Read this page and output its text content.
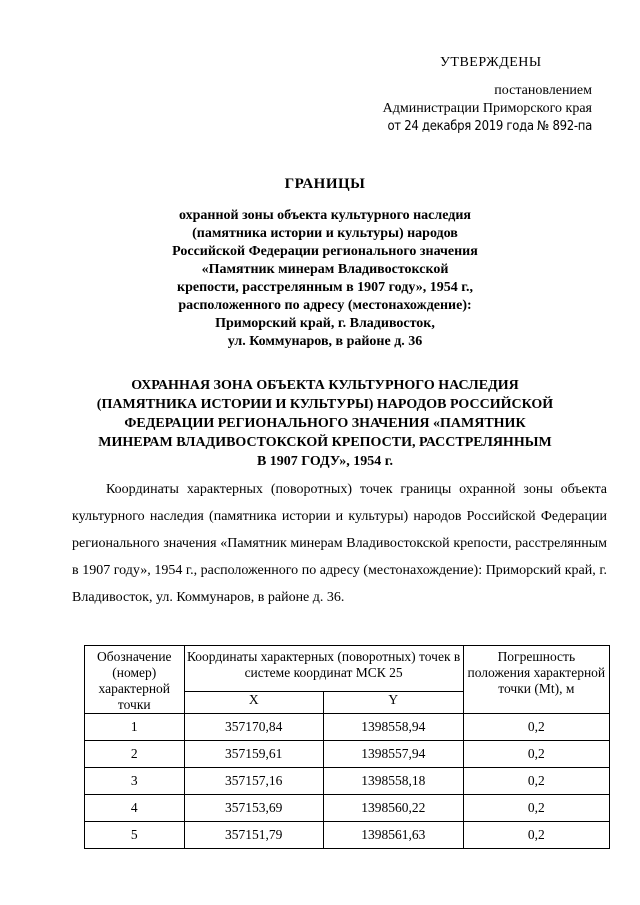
УТВЕРЖДЕНЫ
постановлением
Администрации Приморского края
от 24 декабря 2019 года № 892-па
ГРАНИЦЫ
охранной зоны объекта культурного наследия
(памятника истории и культуры) народов
Российской Федерации регионального значения
«Памятник минерам Владивостокской
крепости, расстрелянным в 1907 году», 1954 г.,
расположенного по адресу (местонахождение):
Приморский край, г. Владивосток,
ул. Коммунаров, в районе д. 36
ОХРАННАЯ ЗОНА ОБЪЕКТА КУЛЬТУРНОГО НАСЛЕДИЯ
(ПАМЯТНИКА ИСТОРИИ И КУЛЬТУРЫ) НАРОДОВ РОССИЙСКОЙ
ФЕДЕРАЦИИ РЕГИОНАЛЬНОГО ЗНАЧЕНИЯ «ПАМЯТНИК
МИНЕРАМ ВЛАДИВОСТОКСКОЙ КРЕПОСТИ, РАССТРЕЛЯННЫМ
В 1907 ГОДУ», 1954 г.
Координаты характерных (поворотных) точек границы охранной зоны объекта культурного наследия (памятника истории и культуры) народов Российской Федерации регионального значения «Памятник минерам Владивостокской крепости, расстрелянным в 1907 году», 1954 г., расположенного по адресу (местонахождение): Приморский край, г. Владивосток, ул. Коммунаров, в районе д. 36.
Обозначение (номер) характерной точки	Координаты характерных (поворотных) точек в системе координат МСК 25		Погрешность положения характерной точки (Mt), м
	X	Y	
1	357170,84	1398558,94	0,2
2	357159,61	1398557,94	0,2
3	357157,16	1398558,18	0,2
4	357153,69	1398560,22	0,2
5	357151,79	1398561,63	0,2
